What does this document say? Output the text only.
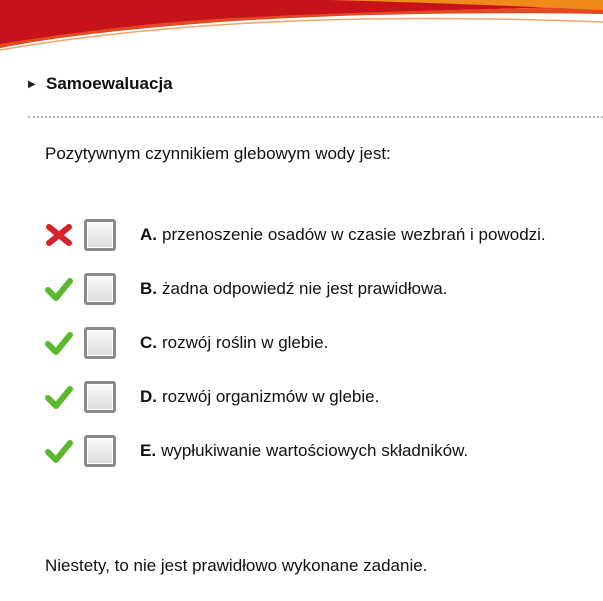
▶ Samoewaluacja
Pozytywnym czynnikiem glebowym wody jest:
A. przenoszenie osadów w czasie wezbrań i powodzi.
B. żadna odpowiedź nie jest prawidłowa.
C. rozwój roślin w glebie.
D. rozwój organizmów w glebie.
E. wypłukiwanie wartościowych składników.
Niestety, to nie jest prawidłowo wykonane zadanie.
